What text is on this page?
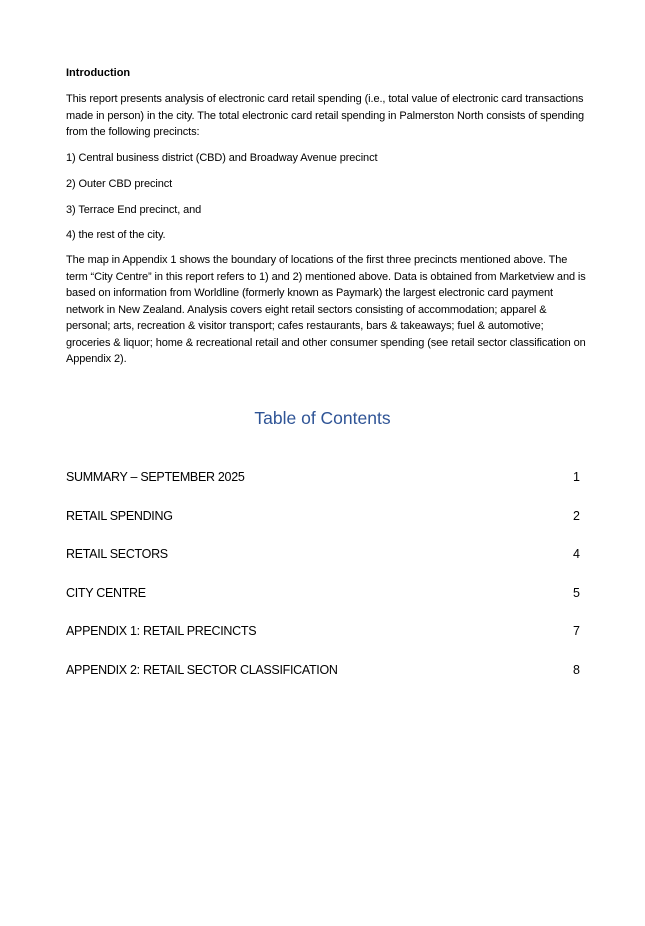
Introduction
This report presents analysis of electronic card retail spending (i.e., total value of electronic card transactions made in person) in the city. The total electronic card retail spending in Palmerston North consists of spending from the following precincts:
1) Central business district (CBD) and Broadway Avenue precinct
2) Outer CBD precinct
3) Terrace End precinct, and
4) the rest of the city.
The map in Appendix 1 shows the boundary of locations of the first three precincts mentioned above. The term “City Centre” in this report refers to 1) and 2) mentioned above. Data is obtained from Marketview and is based on information from Worldline (formerly known as Paymark) the largest electronic card payment network in New Zealand. Analysis covers eight retail sectors consisting of accommodation; apparel & personal; arts, recreation & visitor transport; cafes restaurants, bars & takeaways; fuel & automotive; groceries & liquor; home & recreational retail and other consumer spending (see retail sector classification on Appendix 2).
Table of Contents
SUMMARY – SEPTEMBER 2025	1
RETAIL SPENDING	2
RETAIL SECTORS	4
CITY CENTRE	5
APPENDIX 1: RETAIL PRECINCTS	7
APPENDIX 2: RETAIL SECTOR CLASSIFICATION	8
